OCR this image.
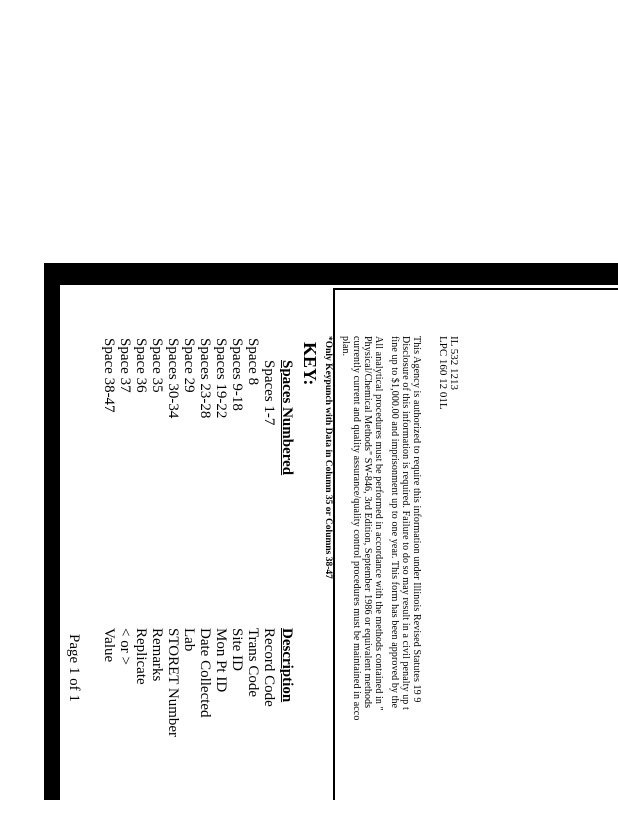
IL 532 1213
LPC 160 12 01L
This Agency is authorized to require this information under Illinois Revised Statutes 19 9
Disclosure of this information is required. Failure to do so may result in a civil penalty up t
fine up to $1,000.00 and imprisonment up to one year. This form has been approved by the
All analytical procedures must be performed in accordance with the methods contained in "
Physical/Chemical Methods" SW-846, 3rd Edition, September 1986 or equivalent methods
currently current and quality assurance/quality control procedures must be maintained in acco
plan.
*Only Keypunch with Data in Column 35 or Columns 38-47
KEY:
Spaces Numbered
Description
Spaces 1-7
Record Code
Space 8
Trans Code
Spaces 9-18
Site ID
Spaces 19-22
Mon Pt ID
Spaces 23-28
Date Collected
Space 29
Lab
Spaces 30-34
STORET Number
Space 35
Remarks
Space 36
Replicate
Space 37
< or >
Space 38-47
Value
Page 1 of 1
